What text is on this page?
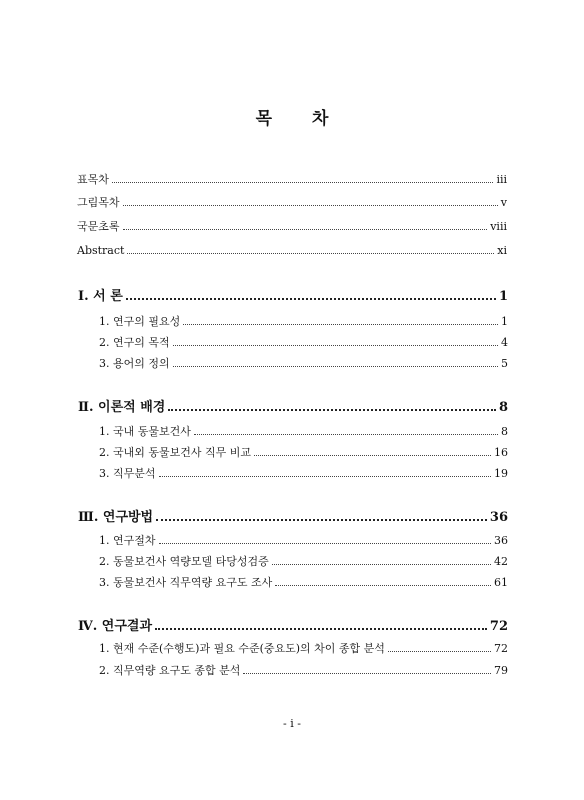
목 차
표목차	iii
그림목차	v
국문초록	viii
Abstract	xi
Ⅰ. 서 론	1
1. 연구의 필요성	1
2. 연구의 목적	4
3. 용어의 정의	5
Ⅱ. 이론적 배경	8
1. 국내 동물보건사	8
2. 국내외 동물보건사 직무 비교	16
3. 직무분석	19
Ⅲ. 연구방법	36
1. 연구절차	36
2. 동물보건사 역량모델 타당성검증	42
3. 동물보건사 직무역량 요구도 조사	61
Ⅳ. 연구결과	72
1. 현재 수준(수행도)과 필요 수준(중요도)의 차이 종합 분석	72
2. 직무역량 요구도 종합 분석	79
- i -
